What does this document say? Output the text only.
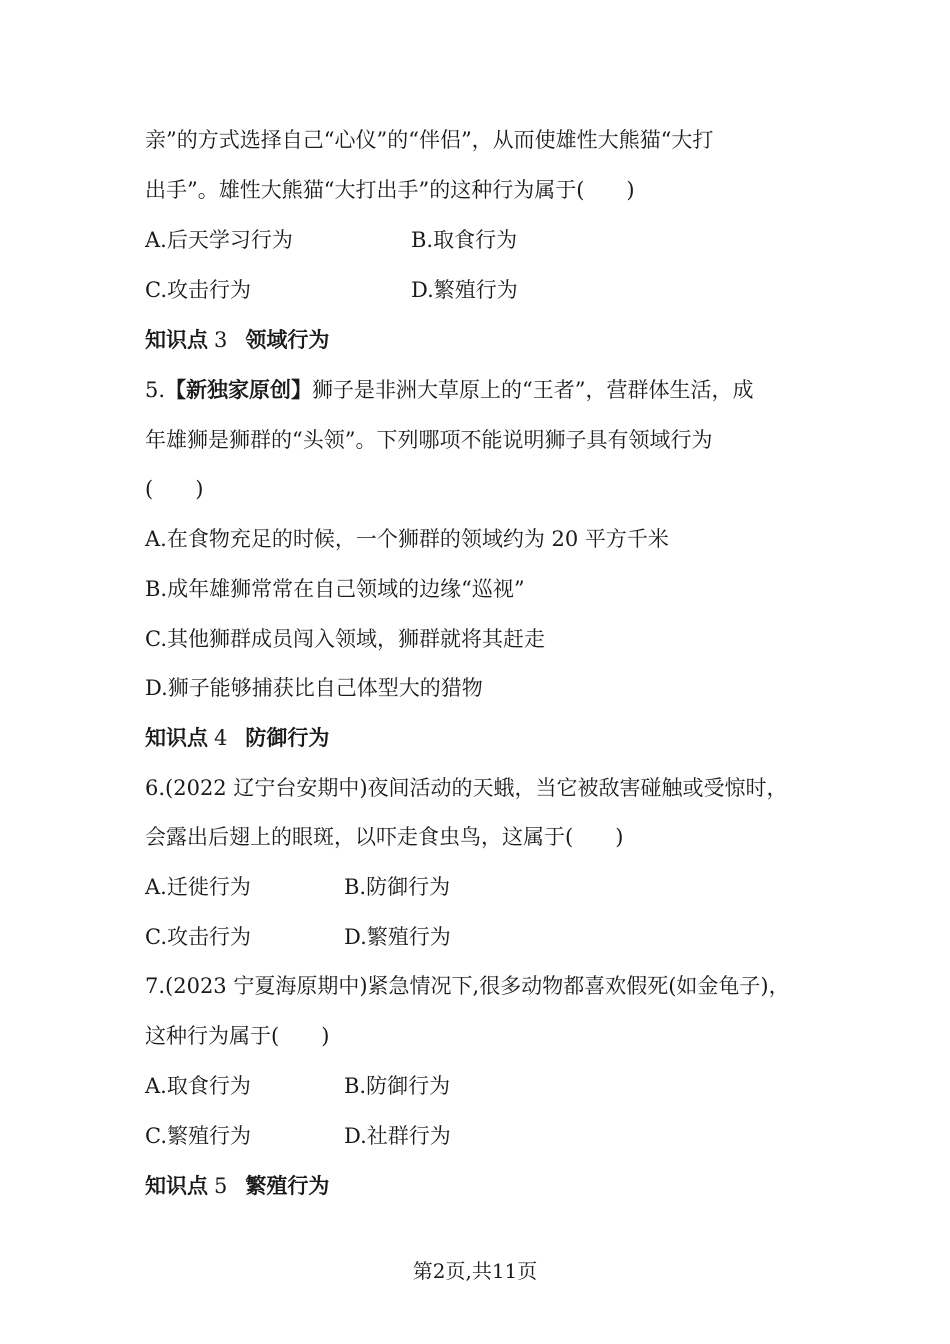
亲”的方式选择自己“心仪”的“伴侣”，从而使雄性大熊猫“大打
出手”。雄性大熊猫“大打出手”的这种行为属于(　　)
A.后天学习行为	B.取食行为
C.攻击行为	D.繁殖行为
知识点 3 领域行为
5.【新独家原创】狮子是非洲大草原上的“王者”，营群体生活，成
年雄狮是狮群的“头领”。下列哪项不能说明狮子具有领域行为
(　　)
A.在食物充足的时候，一个狮群的领域约为 20 平方千米
B.成年雄狮常常在自己领域的边缘“巡视”
C.其他狮群成员闯入领域，狮群就将其赶走
D.狮子能够捕获比自己体型大的猎物
知识点 4 防御行为
6.(2022 辽宁台安期中)夜间活动的天蛾，当它被敌害碰触或受惊时，
会露出后翅上的眼斑，以吓走食虫鸟，这属于(　　)
A.迁徙行为	B.防御行为
C.攻击行为	D.繁殖行为
7.(2023 宁夏海原期中)紧急情况下,很多动物都喜欢假死(如金龟子)，
这种行为属于(　　)
A.取食行为	B.防御行为
C.繁殖行为	D.社群行为
知识点 5 繁殖行为
第2页,共11页
